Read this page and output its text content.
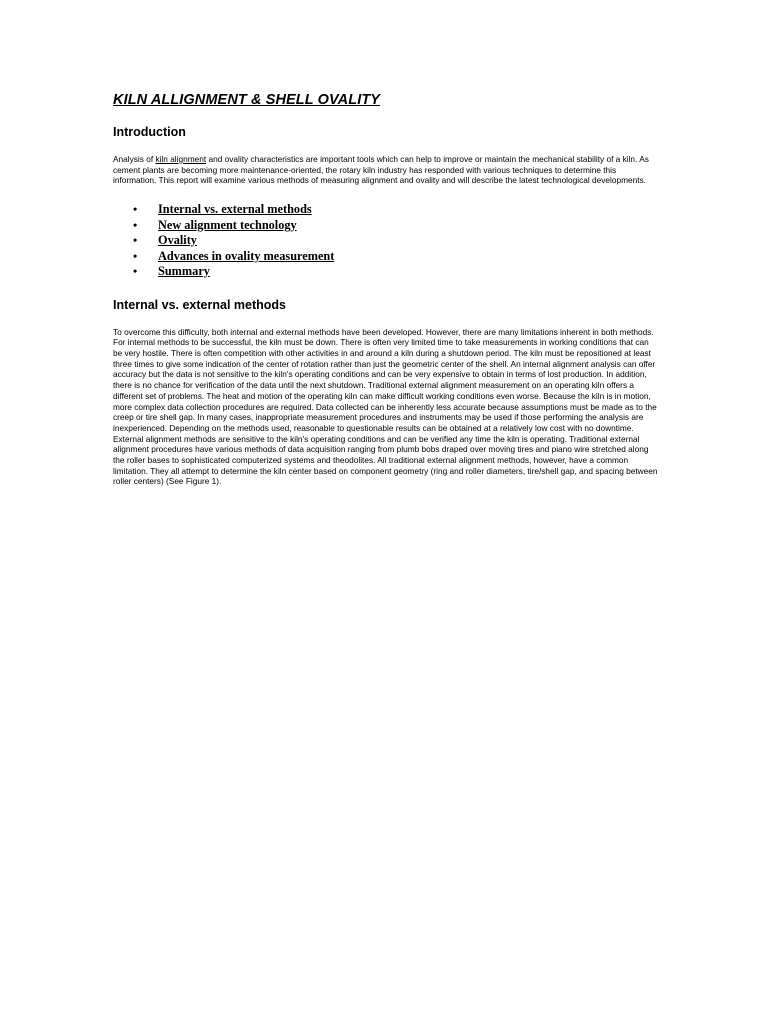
KILN ALLIGNMENT & SHELL OVALITY
Introduction

Analysis of kiln alignment and ovality characteristics are important tools which can help to improve or maintain the mechanical stability of a kiln. As cement plants are becoming more maintenance-oriented, the rotary kiln industry has responded with various techniques to determine this information. This report will examine various methods of measuring alignment and ovality and will describe the latest technological developments.

• Internal vs. external methods
• New alignment technology
• Ovality
• Advances in ovality measurement
• Summary
Internal vs. external methods

To overcome this difficulty, both internal and external methods have been developed. However, there are many limitations inherent in both methods. For internal methods to be successful, the kiln must be down. There is often very limited time to take measurements in working conditions that can be very hostile. There is often competition with other activities in and around a kiln during a shutdown period. The kiln must be repositioned at least three times to give some indication of the center of rotation rather than just the geometric center of the shell. An internal alignment analysis can offer accuracy but the data is not sensitive to the kiln's operating conditions and can be very expensive to obtain in terms of lost production. In addition, there is no chance for verification of the data until the next shutdown. Traditional external alignment measurement on an operating kiln offers a different set of problems. The heat and motion of the operating kiln can make difficult working conditions even worse. Because the kiln is in motion, more complex data collection procedures are required. Data collected can be inherently less accurate because assumptions must be made as to the creep or tire shell gap. In many cases, inappropriate measurement procedures and instruments may be used if those performing the analysis are inexperienced. Depending on the methods used, reasonable to questionable results can be obtained at a relatively low cost with no downtime. External alignment methods are sensitive to the kiln's operating conditions and can be verified any time the kiln is operating. Traditional external alignment procedures have various methods of data acquisition ranging from plumb bobs draped over moving tires and piano wire stretched along the roller bases to sophisticated computerized systems and theodolites. All traditional external alignment methods, however, have a common limitation. They all attempt to determine the kiln center based on component geometry (ring and roller diameters, tire/shell gap, and spacing between roller centers) (See Figure 1).
